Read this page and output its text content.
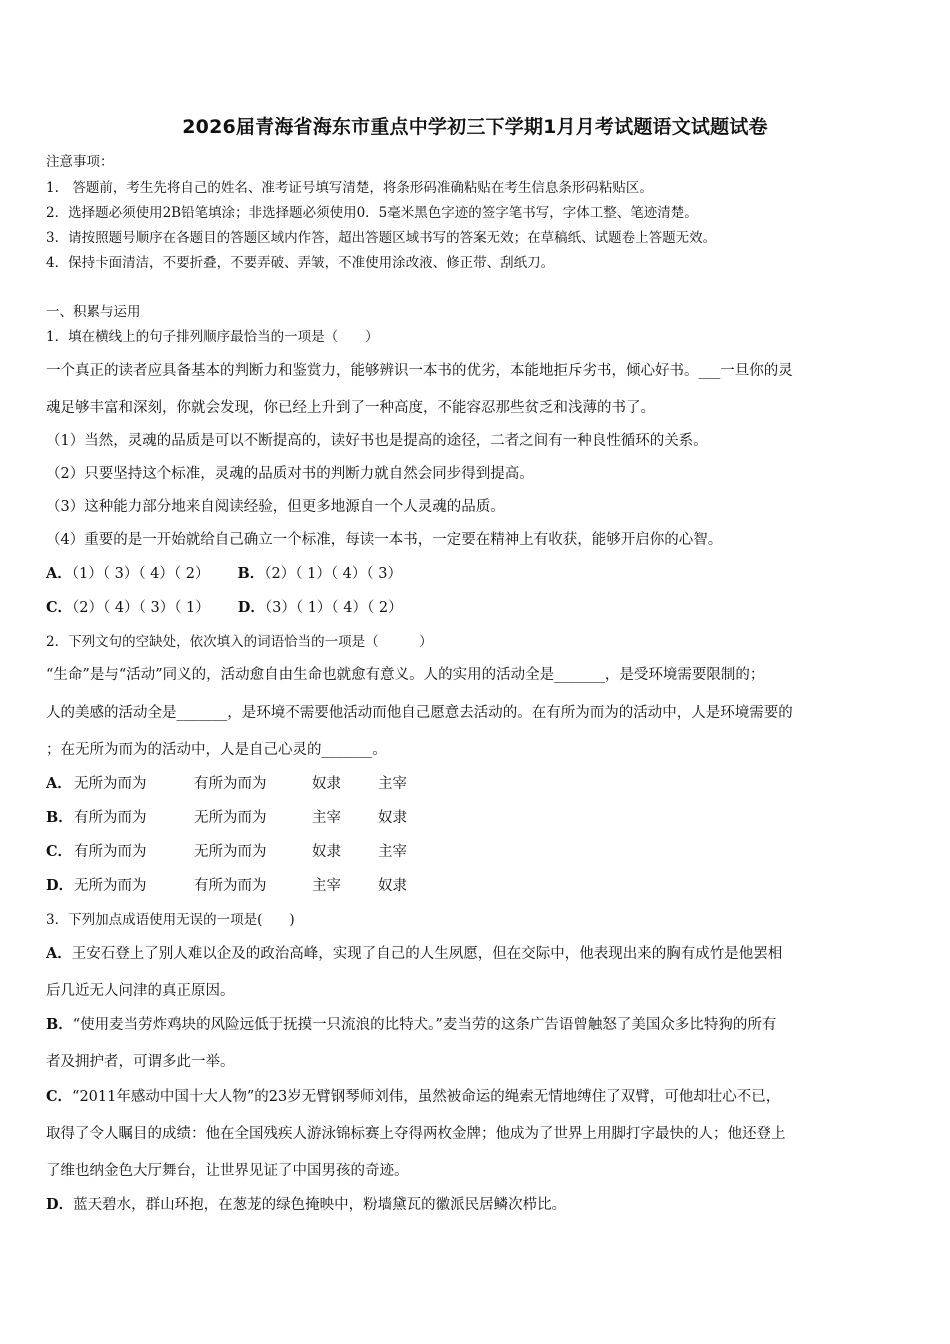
2026届青海省海东市重点中学初三下学期1月月考试题语文试题试卷
注意事项：
1.　答题前，考生先将自己的姓名、准考证号填写清楚，将条形码准确粘贴在考生信息条形码粘贴区。
2．选择题必须使用2B铅笔填涂；非选择题必须使用0．5毫米黑色字迹的签字笔书写，字体工整、笔迹清楚。
3．请按照题号顺序在各题目的答题区域内作答，超出答题区域书写的答案无效；在草稿纸、试题卷上答题无效。
4．保持卡面清洁，不要折叠，不要弄破、弄皱，不准使用涂改液、修正带、刮纸刀。
一、积累与运用
1．填在横线上的句子排列顺序最恰当的一项是（　　）
一个真正的读者应具备基本的判断力和鉴赏力，能够辨识一本书的优劣，本能地拒斥劣书，倾心好书。___一旦你的灵
魂足够丰富和深刻，你就会发现，你已经上升到了一种高度，不能容忍那些贫乏和浅薄的书了。
（1）当然，灵魂的品质是可以不断提高的，读好书也是提高的途径，二者之间有一种良性循环的关系。
（2）只要坚持这个标准，灵魂的品质对书的判断力就自然会同步得到提高。
（3）这种能力部分地来自阅读经验，但更多地源自一个人灵魂的品质。
（4）重要的是一开始就给自己确立一个标准，每读一本书，一定要在精神上有收获，能够开启你的心智。
A．（1）（ 3）（ 4）（ 2） B．（2）（ 1）（ 4）（ 3）
C．（2）（ 4）（ 3）（ 1） D．（3）（ 1）（ 4）（ 2）
2．下列文句的空缺处，依次填入的词语恰当的一项是（　　　）
“生命”是与“活动”同义的，活动愈自由生命也就愈有意义。人的实用的活动全是_______，是受环境需要限制的；
人的美感的活动全是_______，是环境不需要他活动而他自己愿意去活动的。在有所为而为的活动中，人是环境需要的
；在无所为而为的活动中，人是自己心灵的_______。
A． 无所为而为	有所为而为	奴隶	主宰
B．有所为而为	无所为而为	主宰	奴隶
C． 有所为而为	无所为而为	奴隶	主宰
D．无所为而为	有所为而为	主宰	奴隶
3．下列加点成语使用无误的一项是(　　)
A．王安石登上了别人难以企及的政治高峰，实现了自己的人生夙愿，但在交际中，他表现出来的胸有成竹是他罢相
后几近无人问津的真正原因。
B．“使用麦当劳炸鸡块的风险远低于抚摸一只流浪的比特犬。”麦当劳的这条广告语曾触怒了美国众多比特狗的所有
者及拥护者，可谓多此一举。
C．“2011年感动中国十大人物”的23岁无臂钢琴师刘伟，虽然被命运的绳索无情地缚住了双臂，可他却壮心不已，
取得了令人瞩目的成绩：他在全国残疾人游泳锦标赛上夺得两枚金牌；他成为了世界上用脚打字最快的人；他还登上
了维也纳金色大厅舞台，让世界见证了中国男孩的奇迹。
D．蓝天碧水，群山环抱，在葱茏的绿色掩映中，粉墙黛瓦的徽派民居鳞次栉比。
